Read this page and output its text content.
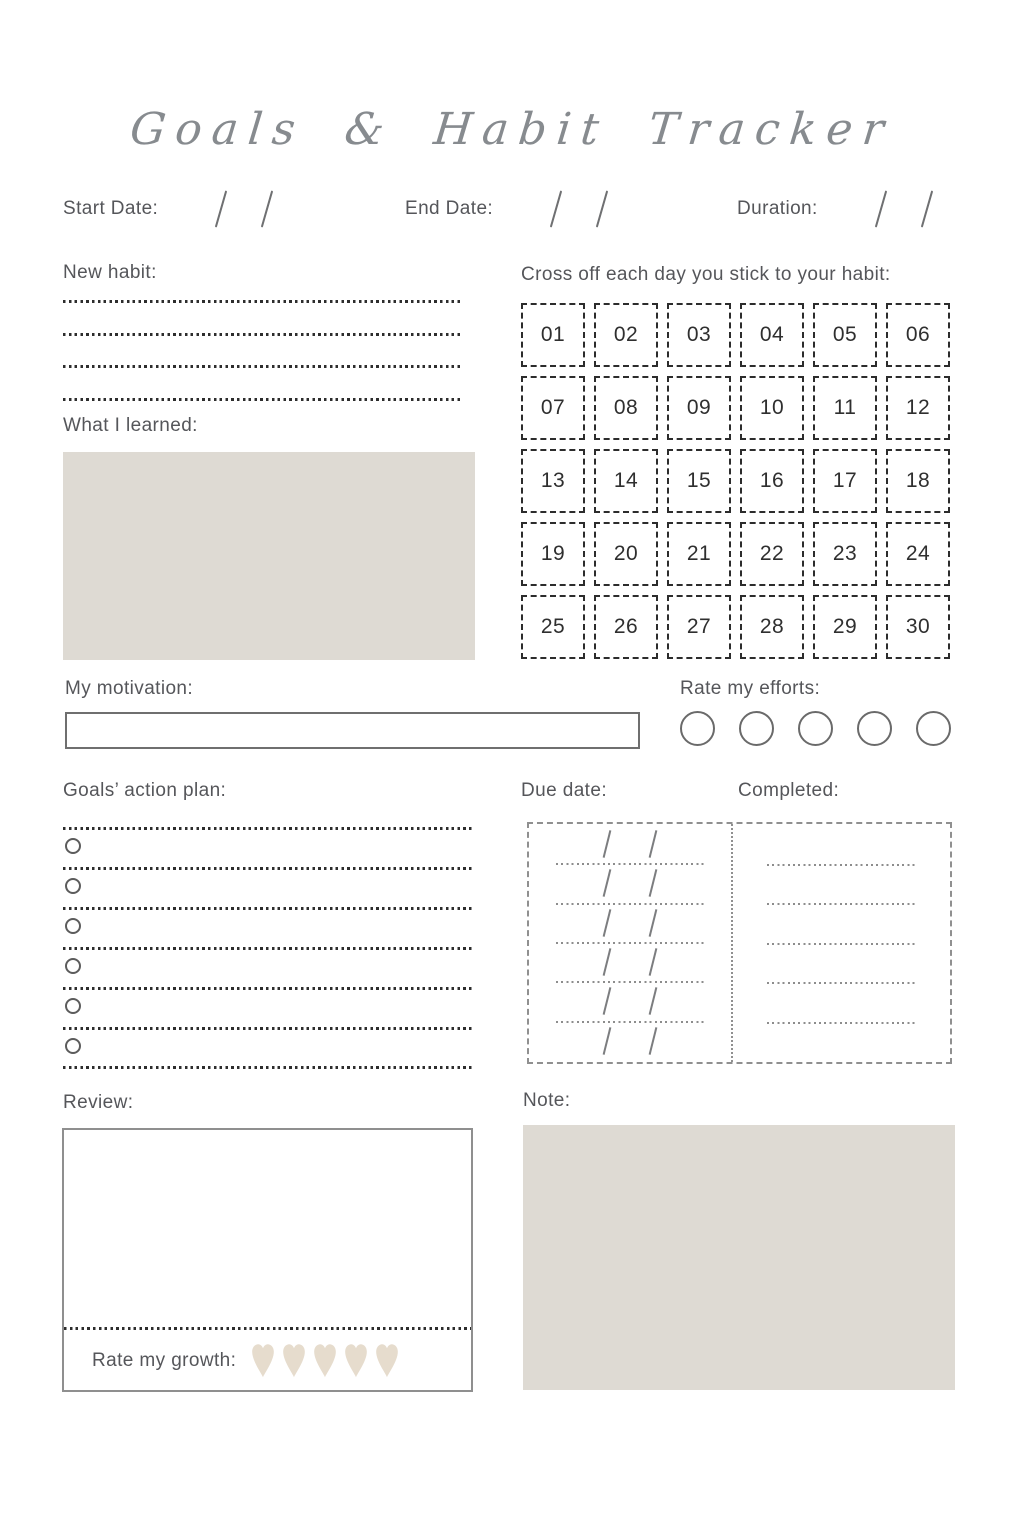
Goals & Habit Tracker
Start Date:	End Date:	Duration:
New habit:
What I learned:
Cross off each day you stick to your habit:
01 02 03 04 05 06
07 08 09 10 11 12
13 14 15 16 17 18
19 20 21 22 23 24
25 26 27 28 29 30
My motivation:	Rate my efforts:
Goals’ action plan:	Due date:	Completed:
Review:
Rate my growth:
Note:
